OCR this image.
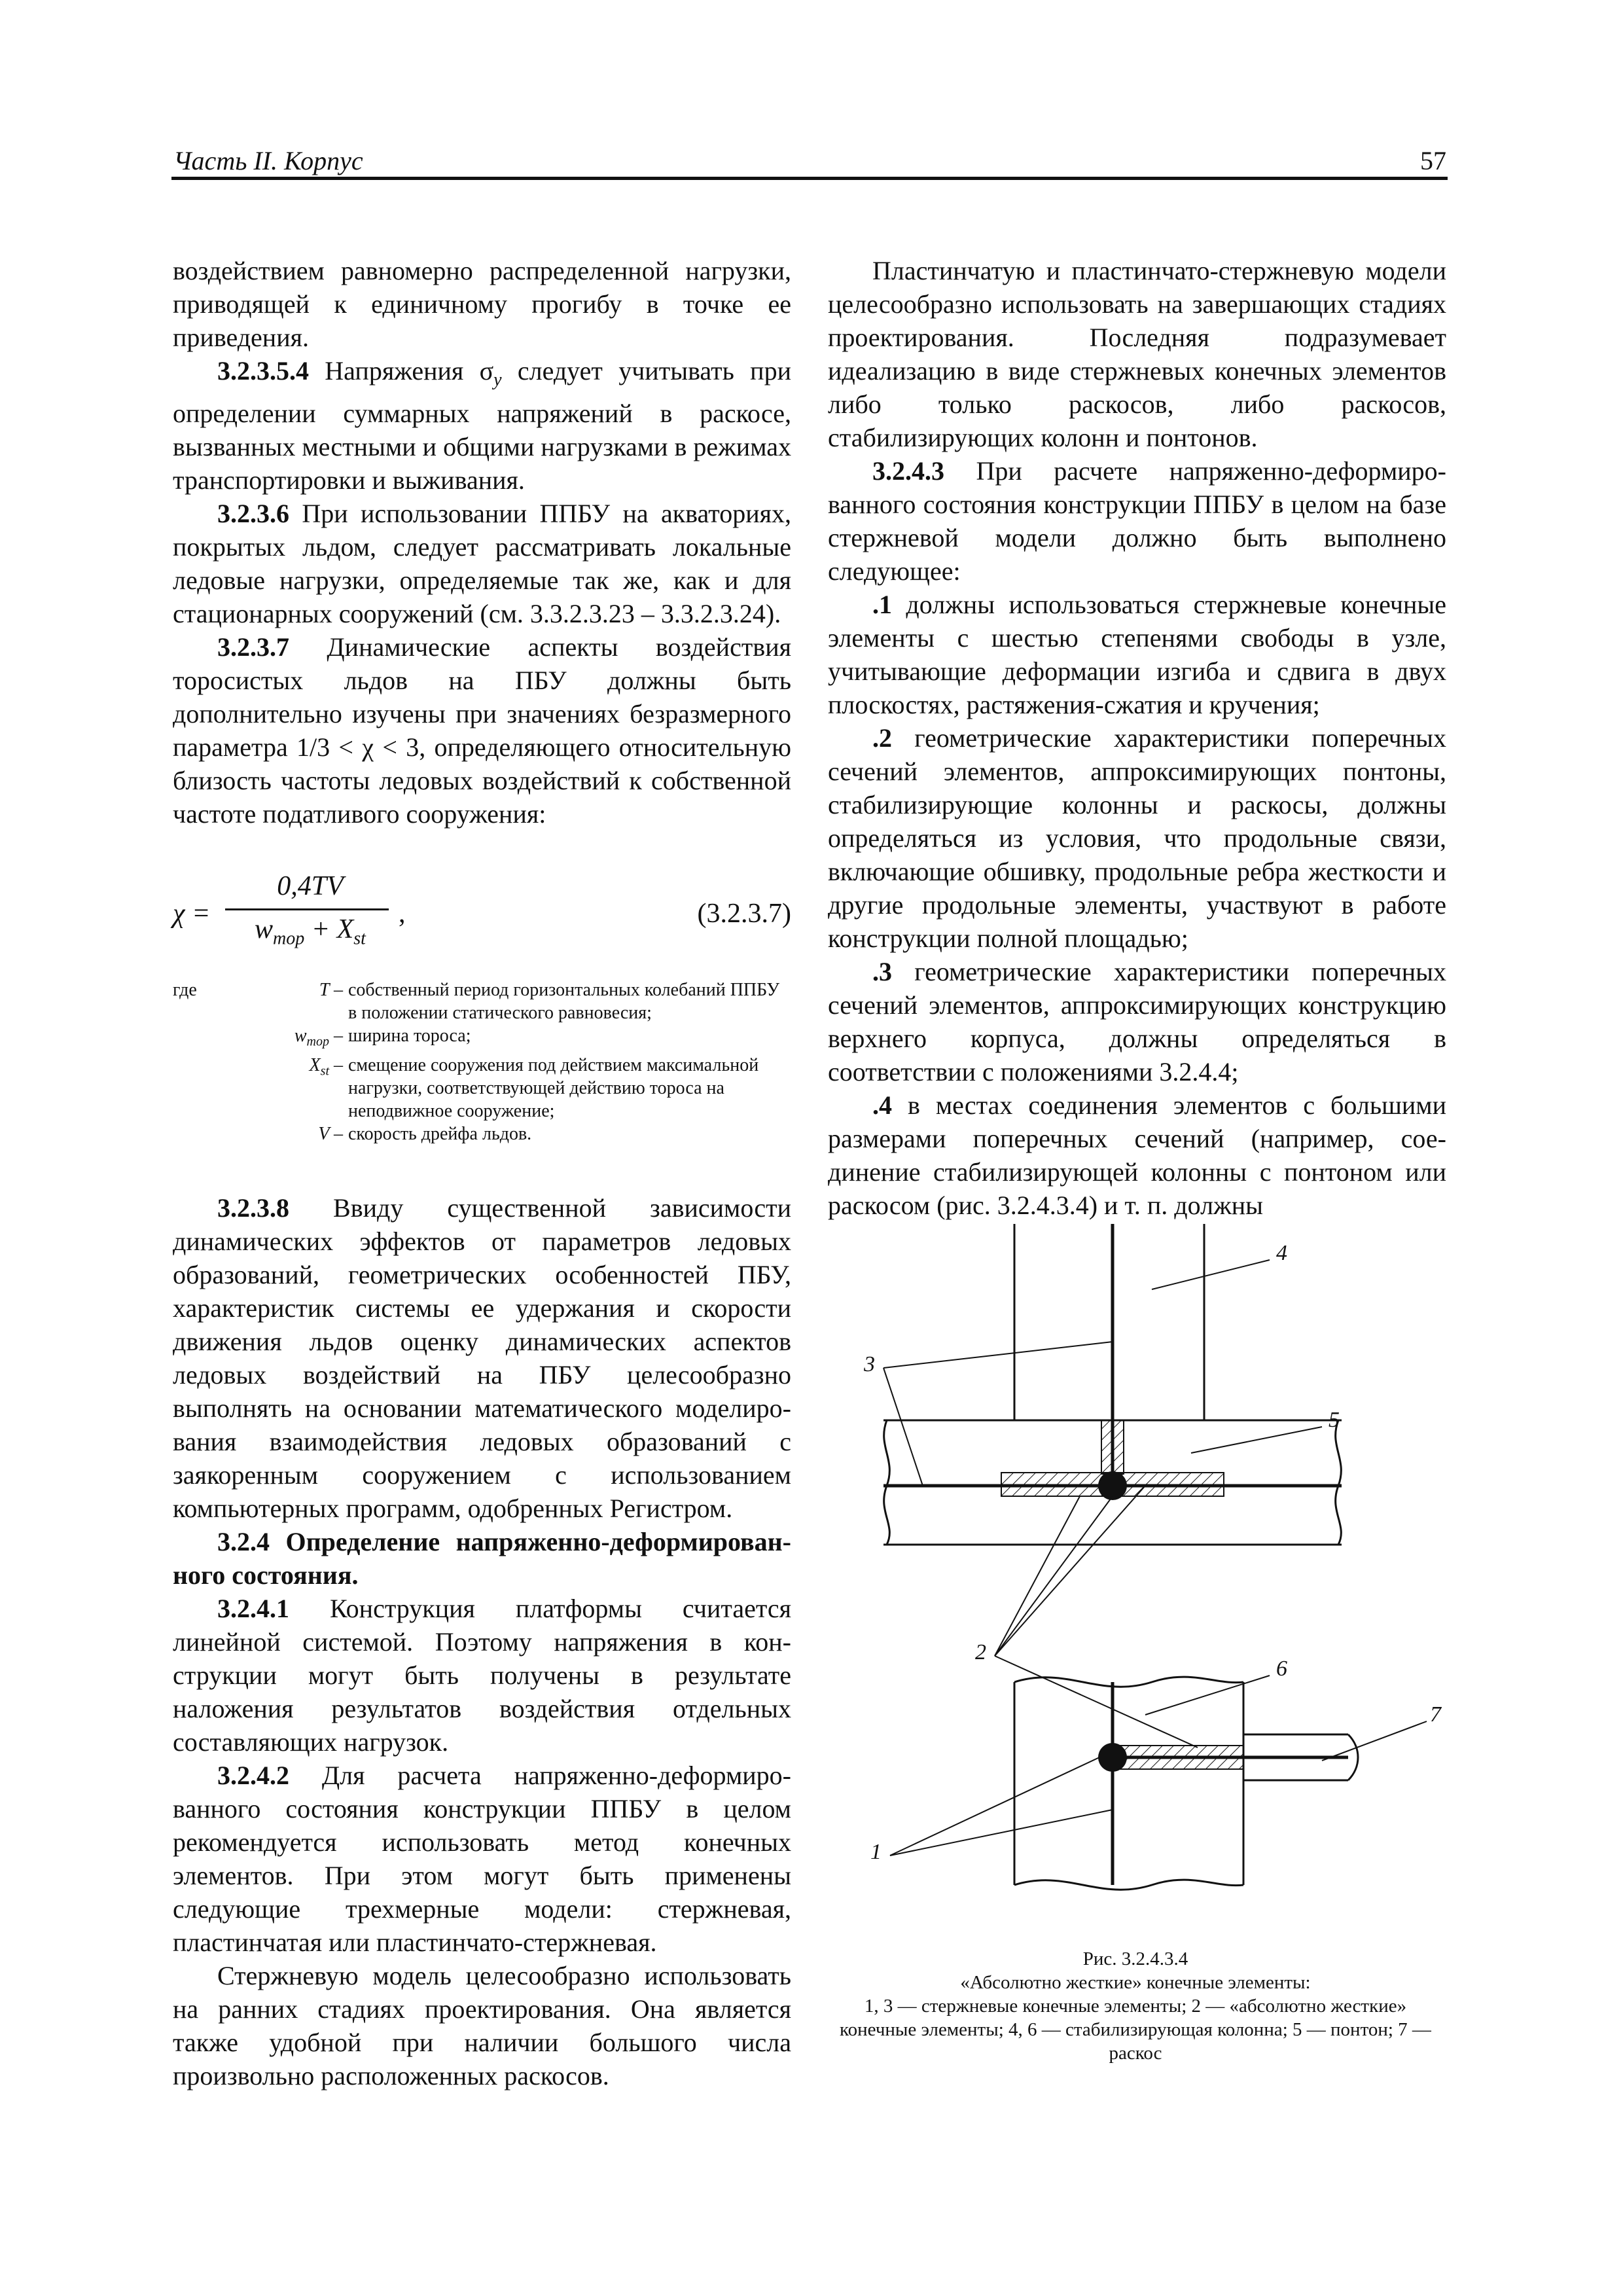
Часть II. Корпус	57

воздействием равномерно распределенной нагрузки, приводящей к единичному прогибу в точке ее приведения.

3.2.3.5.4 Напряжения $\sigma_y$ следует учитывать при определении суммарных напряжений в раскосе, вызванных местными и общими нагрузками в режимах транспортировки и выживания.

3.2.3.6 При использовании ППБУ на акваториях, покрытых льдом, следует рассматривать локальные ледовые нагрузки, определяемые так же, как и для стационарных сооружений (см. 3.3.2.3.23 – 3.3.2.3.24).

3.2.3.7 Динамические аспекты воздействия торосистых льдов на ПБУ должны быть дополнительно изучены при значениях безразмерного параметра 1/3 < χ < 3, определяющего относительную близость частоты ледовых воздействий к собственной частоте податливого сооружения:

χ =
0,4TV
$w_{mop} + X_{st}$
,	(3.2.3.7)
где	T – собственный период горизонтальных колебаний ППБУ в положении статического равновесия;
$w_{mop}$ – ширина тороса;
$X_{st}$ – смещение сооружения под действием максимальной нагрузки, соответствующей действию тороса на неподвижное сооружение;
V – скорость дрейфа льдов.

3.2.3.8 Ввиду существенной зависимости динамических эффектов от параметров ледовых образований, геометрических особенностей ПБУ, характеристик системы ее удержания и скорости движения льдов оценку динамических аспектов ледовых воздействий на ПБУ целесообразно выполнять на основании математического моделирования взаимодействия ледовых образований с заякоренным сооружением с использованием компьютерных программ, одобренных Регистром.

3.2.4 Определение напряженно-деформированного состояния.

3.2.4.1 Конструкция платформы считается линейной системой. Поэтому напряжения в конструкции могут быть получены в результате наложения результатов воздействия отдельных составляющих нагрузок.

3.2.4.2 Для расчета напряженно-деформированного состояния конструкции ППБУ в целом рекомендуется использовать метод конечных элементов. При этом могут быть применены следующие трехмерные модели: стержневая, пластинчатая или пластинчато-стержневая.

Стержневую модель целесообразно использовать на ранних стадиях проектирования. Она является также удобной при наличии большого числа произвольно расположенных раскосов.

Пластинчатую и пластинчато-стержневую модели целесообразно использовать на завершающих стадиях проектирования. Последняя подразумевает идеализацию в виде стержневых конечных элементов либо только раскосов, либо раскосов, стабилизирующих колонн и понтонов.

3.2.4.3 При расчете напряженно-деформированного состояния конструкции ППБУ в целом на базе стержневой модели должно быть выполнено следующее:

.1 должны использоваться стержневые конечные элементы с шестью степенями свободы в узле, учитывающие деформации изгиба и сдвига в двух плоскостях, растяжения-сжатия и кручения;

.2 геометрические характеристики поперечных сечений элементов, аппроксимирующих понтоны, стабилизирующие колонны и раскосы, должны определяться из условия, что продольные связи, включающие обшивку, продольные ребра жесткости и другие продольные элементы, участвуют в работе конструкции полной площадью;

.3 геометрические характеристики поперечных сечений элементов, аппроксимирующих конструкцию верхнего корпуса, должны определяться в соответствии с положениями 3.2.4.4;

.4 в местах соединения элементов с большими размерами поперечных сечений (например, соединение стабилизирующей колонны с понтоном или раскосом (рис. 3.2.4.3.4) и т. п. должны

1
2
3
4
5
6
7
Рис. 3.2.4.3.4
«Абсолютно жесткие» конечные элементы:
1, 3 — стержневые конечные элементы; 2 — «абсолютно жесткие» конечные элементы; 4, 6 — стабилизирующая колонна; 5 — понтон; 7 — раскос
